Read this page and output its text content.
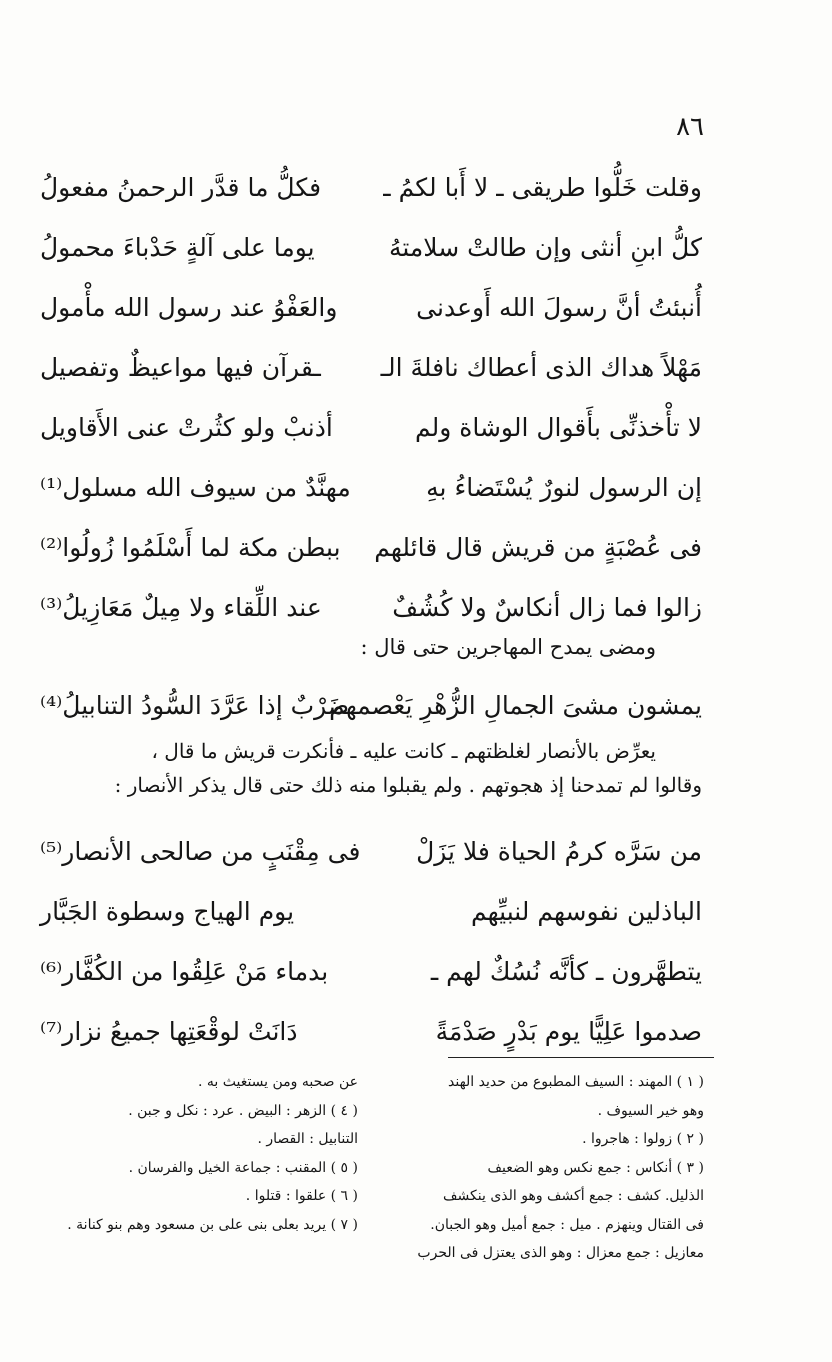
٨٦
وقلت خَلُّوا طريقى ـ لا أَبا لكمُ ـ
فكلُّ ما قدَّر الرحمنُ مفعولُ
كلُّ ابنِ أنثى وإن طالتْ سلامتهُ
يوما على آلةٍ حَدْباءَ محمولُ
أُنبئتُ أنَّ رسولَ الله أَوعدنى
والعَفْوُ عند رسول الله مأْمول
مَهْلاً هداك الذى أعطاك نافلةَ الـ
ـقرآن فيها مواعيظٌ وتفصيل
لا تأْخذنِّى بأَقوال الوشاة ولم
أذنبْ ولو كثُرتْ عنى الأَقاويل
إن الرسول لنورٌ يُسْتَضاءُ بهِ
مهنَّدٌ من سيوف الله مسلول⁽¹⁾
فى عُصْبَةٍ من قريش قال قائلهم
ببطن مكة لما أَسْلَمُوا زُولُوا⁽²⁾
زالوا فما زال أنكاسٌ ولا كُشُفٌ
عند اللِّقاء ولا مِيلٌ مَعَازِيلُ⁽³⁾

ومضى يمدح المهاجرين حتى قال :

يمشون مشىَ الجمالِ الزُّهْرِ يَعْصمهم
ضَرْبٌ إذا عَرَّدَ السُّودُ التنابيلُ⁽⁴⁾

يعرِّض بالأنصار لغلظتهم ـ كانت عليه ـ فأنكرت قريش ما قال ،

وقالوا لم تمدحنا إذ هجوتهم . ولم يقبلوا منه ذلك حتى قال يذكر الأنصار :

من سَرَّه كرمُ الحياة فلا يَزَلْ
فى مِقْنَبٍ من صالحى الأنصار⁽⁵⁾
الباذلين نفوسهم لنبيِّهم
يوم الهياج وسطوة الجَبَّار
يتطهَّرون ـ كأنَّه نُسُكٌ لهم ـ
بدماء مَنْ عَلِقُوا من الكُفَّار⁽⁶⁾
صدموا عَلِيًّا يوم بَدْرٍ صَدْمَةً
دَانَتْ لوقْعَتِها جميعُ نزار⁽⁷⁾

( ١ ) المهند : السيف المطبوع من حديد الهند

وهو خير السيوف .

( ٢ ) زولوا : هاجروا .

( ٣ ) أنكاس : جمع نكس وهو الضعيف

الذليل. كشف : جمع أكشف وهو الذى ينكشف

فى القتال وينهزم . ميل : جمع أميل وهو الجبان.

معازيل : جمع معزال : وهو الذى يعتزل فى الحرب

عن صحبه ومن يستغيث به .

( ٤ ) الزهر : البيض . عرد : نكل و جبن .

التنابيل : القصار .

( ٥ ) المقنب : جماعة الخيل والفرسان .

( ٦ ) علقوا : قتلوا .

( ٧ ) يريد بعلى بنى على بن مسعود وهم بنو كنانة .
